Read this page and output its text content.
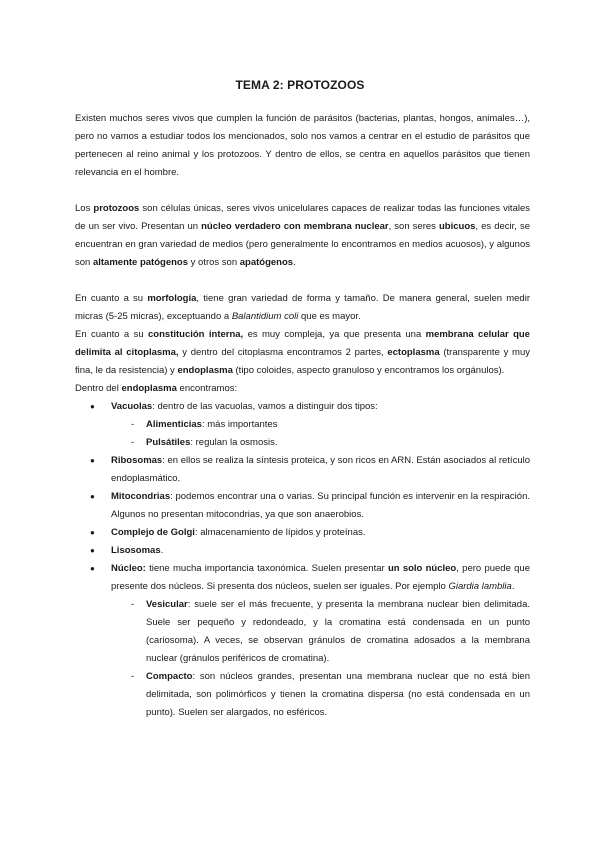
TEMA 2: PROTOZOOS

Existen muchos seres vivos que cumplen la función de parásitos (bacterias, plantas, hongos, animales…), pero no vamos a estudiar todos los mencionados, solo nos vamos a centrar en el estudio de parásitos que pertenecen al reino animal y los protozoos. Y dentro de ellos, se centra en aquellos parásitos que tienen relevancia en el hombre.

Los protozoos son células únicas, seres vivos unicelulares capaces de realizar todas las funciones vitales de un ser vivo. Presentan un núcleo verdadero con membrana nuclear, son seres ubicuos, es decir, se encuentran en gran variedad de medios (pero generalmente lo encontramos en medios acuosos), y algunos son altamente patógenos y otros son apatógenos.

En cuanto a su morfología, tiene gran variedad de forma y tamaño. De manera general, suelen medir micras (5-25 micras), exceptuando a Balantidium coli que es mayor.

En cuanto a su constitución interna, es muy compleja, ya que presenta una membrana celular que delimita al citoplasma, y dentro del citoplasma encontramos 2 partes, ectoplasma (transparente y muy fina, le da resistencia) y endoplasma (tipo coloides, aspecto granuloso y encontramos los orgánulos).

Dentro del endoplasma encontramos:

● Vacuolas: dentro de las vacuolas, vamos a distinguir dos tipos:
- Alimenticias: más importantes
- Pulsátiles: regulan la osmosis.
● Ribosomas: en ellos se realiza la síntesis proteica, y son ricos en ARN. Están asociados al retículo endoplasmático.
● Mitocondrias: podemos encontrar una o varias. Su principal función es intervenir en la respiración. Algunos no presentan mitocondrias, ya que son anaerobios.
● Complejo de Golgi: almacenamiento de lípidos y proteínas.
● Lisosomas.
● Núcleo: tiene mucha importancia taxonómica. Suelen presentar un solo núcleo, pero puede que presente dos núcleos. Si presenta dos núcleos, suelen ser iguales. Por ejemplo Giardia lamblia.
- Vesicular: suele ser el más frecuente, y presenta la membrana nuclear bien delimitada. Suele ser pequeño y redondeado, y la cromatina está condensada en un punto (cariosoma). A veces, se observan gránulos de cromatina adosados a la membrana nuclear (gránulos periféricos de cromatina).
- Compacto: son núcleos grandes, presentan una membrana nuclear que no está bien delimitada, son polimórficos y tienen la cromatina dispersa (no está condensada en un punto). Suelen ser alargados, no esféricos.
